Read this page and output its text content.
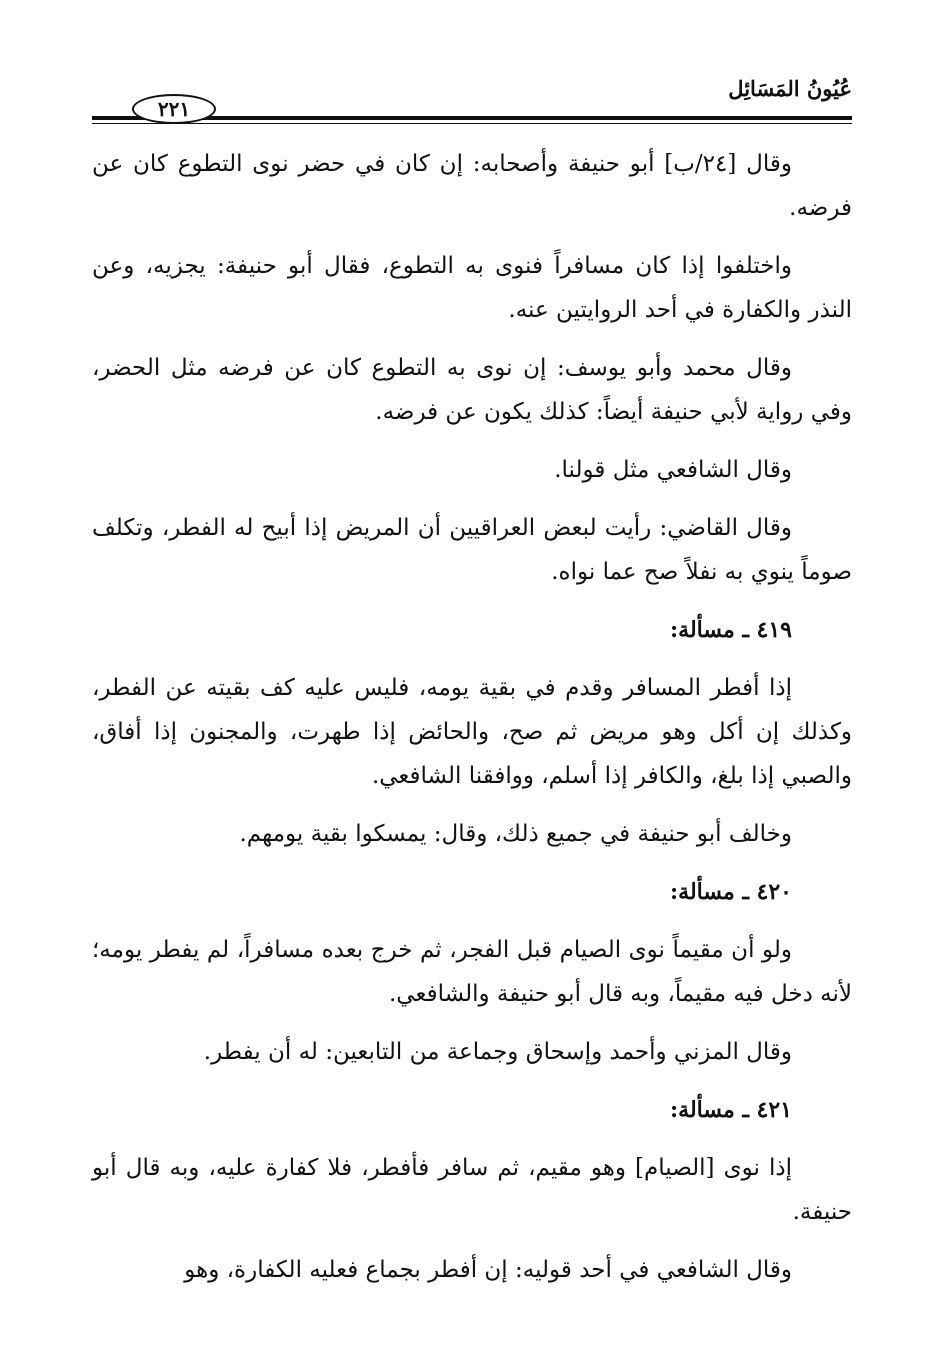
عُيُونُ المَسَائِل
٢٢١

وقال [٢٤/ب] أبو حنيفة وأصحابه: إن كان في حضر نوى التطوع كان عن فرضه.

واختلفوا إذا كان مسافراً فنوى به التطوع، فقال أبو حنيفة: يجزيه، وعن النذر والكفارة في أحد الروايتين عنه.

وقال محمد وأبو يوسف: إن نوى به التطوع كان عن فرضه مثل الحضر، وفي رواية لأبي حنيفة أيضاً: كذلك يكون عن فرضه.

وقال الشافعي مثل قولنا.

وقال القاضي: رأيت لبعض العراقيين أن المريض إذا أبيح له الفطر، وتكلف صوماً ينوي به نفلاً صح عما نواه.

٤١٩ ـ مسألة:

إذا أفطر المسافر وقدم في بقية يومه، فليس عليه كف بقيته عن الفطر، وكذلك إن أكل وهو مريض ثم صح، والحائض إذا طهرت، والمجنون إذا أفاق، والصبي إذا بلغ، والكافر إذا أسلم، ووافقنا الشافعي.

وخالف أبو حنيفة في جميع ذلك، وقال: يمسكوا بقية يومهم.

٤٢٠ ـ مسألة:

ولو أن مقيماً نوى الصيام قبل الفجر، ثم خرج بعده مسافراً، لم يفطر يومه؛ لأنه دخل فيه مقيماً، وبه قال أبو حنيفة والشافعي.

وقال المزني وأحمد وإسحاق وجماعة من التابعين: له أن يفطر.

٤٢١ ـ مسألة:

إذا نوى [الصيام] وهو مقيم، ثم سافر فأفطر، فلا كفارة عليه، وبه قال أبو حنيفة.

وقال الشافعي في أحد قوليه: إن أفطر بجماع فعليه الكفارة، وهو
